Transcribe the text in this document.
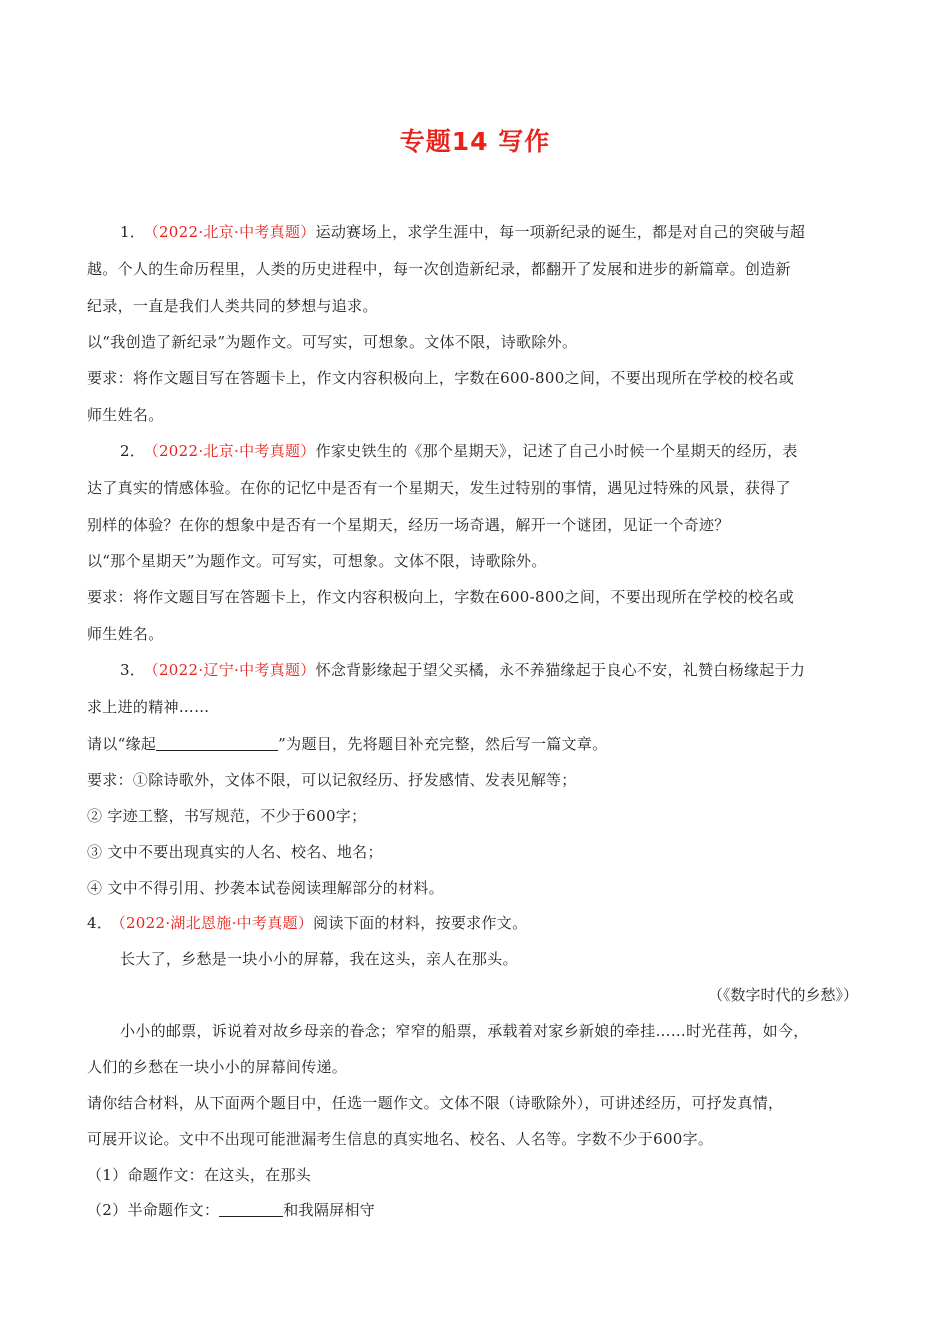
专题14 写作
1． （2022·北京·中考真题）运动赛场上，求学生涯中，每一项新纪录的诞生，都是对自己的突破与超
越。个人的生命历程里，人类的历史进程中，每一次创造新纪录，都翻开了发展和进步的新篇章。创造新
纪录，一直是我们人类共同的梦想与追求。
以“我创造了新纪录”为题作文。可写实，可想象。文体不限，诗歌除外。
要求：将作文题目写在答题卡上，作文内容积极向上，字数在600-800之间，不要出现所在学校的校名或
师生姓名。
2． （2022·北京·中考真题）作家史铁生的《那个星期天》，记述了自己小时候一个星期天的经历，表
达了真实的情感体验。在你的记忆中是否有一个星期天，发生过特别的事情，遇见过特殊的风景，获得了
别样的体验？在你的想象中是否有一个星期天，经历一场奇遇，解开一个谜团，见证一个奇迹？
以“那个星期天”为题作文。可写实，可想象。文体不限，诗歌除外。
要求：将作文题目写在答题卡上，作文内容积极向上，字数在600-800之间，不要出现所在学校的校名或
师生姓名。
3． （2022·辽宁·中考真题）怀念背影缘起于望父买橘，永不养猫缘起于良心不安，礼赞白杨缘起于力
求上进的精神……
请以“缘起	”为题目，先将题目补充完整，然后写一篇文章。
要求：①除诗歌外，文体不限，可以记叙经历、抒发感情、发表见解等；
② 字迹工整，书写规范，不少于600字；
③ 文中不要出现真实的人名、校名、地名；
④ 文中不得引用、抄袭本试卷阅读理解部分的材料。
4． （2022·湖北恩施·中考真题）阅读下面的材料，按要求作文。
长大了，乡愁是一块小小的屏幕，我在这头，亲人在那头。
（《数字时代的乡愁》）
小小的邮票，诉说着对故乡母亲的眷念；窄窄的船票，承载着对家乡新娘的牵挂……时光荏苒，如今，
人们的乡愁在一块小小的屏幕间传递。
请你结合材料，从下面两个题目中，任选一题作文。文体不限（诗歌除外），可讲述经历，可抒发真情，
可展开议论。文中不出现可能泄漏考生信息的真实地名、校名、人名等。字数不少于600字。
（1）命题作文：在这头，在那头
（2）半命题作文：	和我隔屏相守
